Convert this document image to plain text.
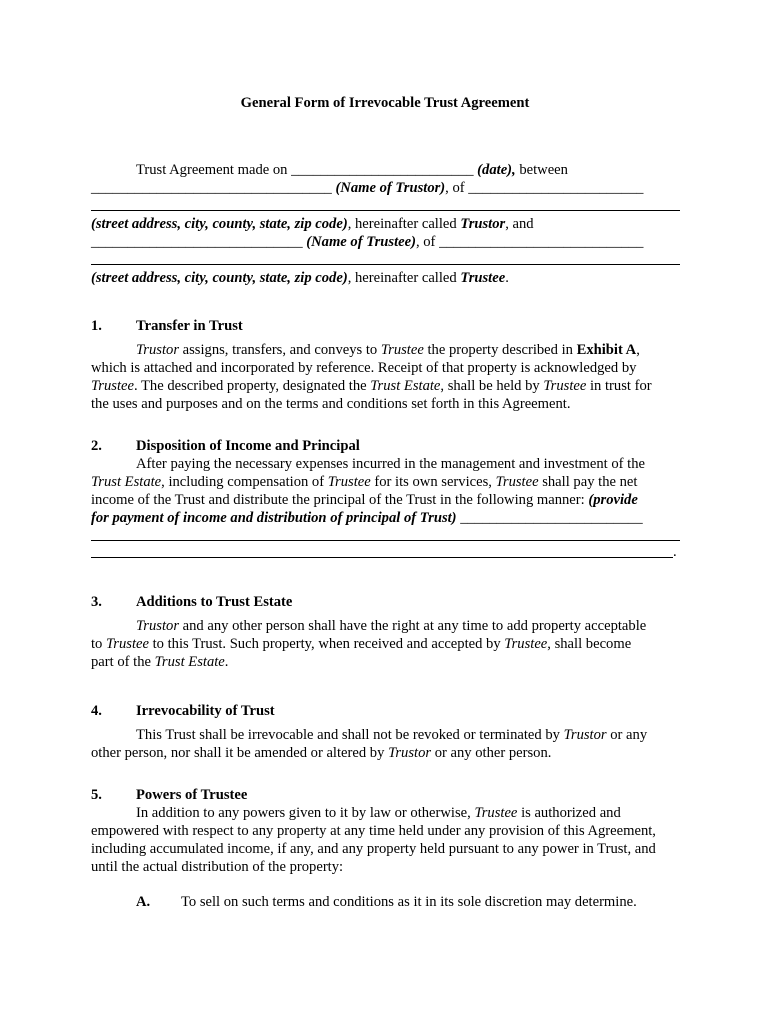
General Form of Irrevocable Trust Agreement
Trust Agreement made on _________________________ (date), between
_________________________________ (Name of Trustor), of ________________________
(street address, city, county, state, zip code), hereinafter called Trustor, and
_____________________________ (Name of Trustee), of ____________________________
(street address, city, county, state, zip code), hereinafter called Trustee.
1. Transfer in Trust
Trustor assigns, transfers, and conveys to Trustee the property described in Exhibit A,
which is attached and incorporated by reference. Receipt of that property is acknowledged by
Trustee. The described property, designated the Trust Estate, shall be held by Trustee in trust for
the uses and purposes and on the terms and conditions set forth in this Agreement.
2. Disposition of Income and Principal
After paying the necessary expenses incurred in the management and investment of the
Trust Estate, including compensation of Trustee for its own services, Trustee shall pay the net
income of the Trust and distribute the principal of the Trust in the following manner: (provide
for payment of income and distribution of principal of Trust) _________________________
.
3. Additions to Trust Estate
Trustor and any other person shall have the right at any time to add property acceptable
to Trustee to this Trust. Such property, when received and accepted by Trustee, shall become
part of the Trust Estate.
4. Irrevocability of Trust
This Trust shall be irrevocable and shall not be revoked or terminated by Trustor or any
other person, nor shall it be amended or altered by Trustor or any other person.
5. Powers of Trustee
In addition to any powers given to it by law or otherwise, Trustee is authorized and
empowered with respect to any property at any time held under any provision of this Agreement,
including accumulated income, if any, and any property held pursuant to any power in Trust, and
until the actual distribution of the property:
A. To sell on such terms and conditions as it in its sole discretion may determine.
